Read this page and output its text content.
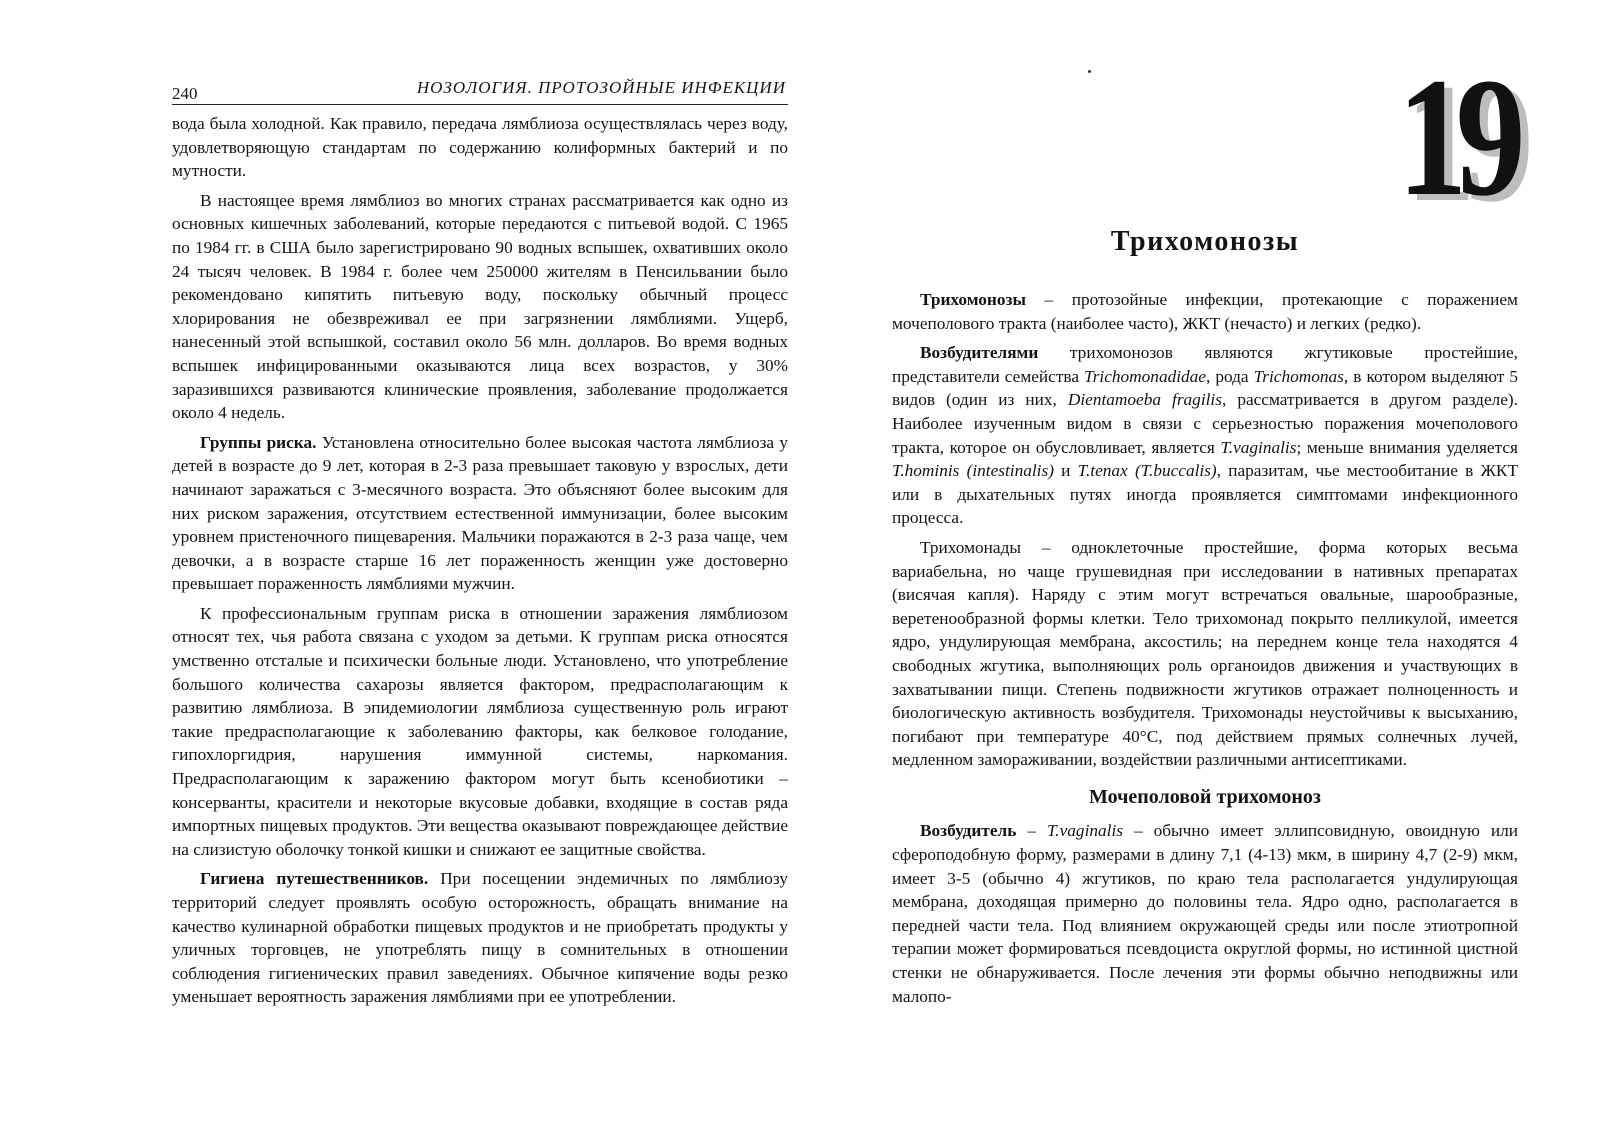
240	НОЗОЛОГИЯ. ПРОТОЗОЙНЫЕ ИНФЕКЦИИ

вода была холодной. Как правило, передача лямблиоза осуществлялась через воду, удовлетворяющую стандартам по содержанию колиформных бактерий и по мутности.

В настоящее время лямблиоз во многих странах рассматривается как одно из основных кишечных заболеваний, которые передаются с питьевой водой. С 1965 по 1984 гг. в США было зарегистрировано 90 водных вспышек, охвативших около 24 тысяч человек. В 1984 г. более чем 250000 жителям в Пенсильвании было рекомендовано кипятить питьевую воду, поскольку обычный процесс хлорирования не обезвреживал ее при загрязнении лямблиями. Ущерб, нанесенный этой вспышкой, составил около 56 млн. долларов. Во время водных вспышек инфицированными оказываются лица всех возрастов, у 30% заразившихся развиваются клинические проявления, заболевание продолжается около 4 недель.

Группы риска. Установлена относительно более высокая частота лямблиоза у детей в возрасте до 9 лет, которая в 2-3 раза превышает таковую у взрослых, дети начинают заражаться с 3-месячного возраста. Это объясняют более высоким для них риском заражения, отсутствием естественной иммунизации, более высоким уровнем пристеночного пищеварения. Мальчики поражаются в 2-3 раза чаще, чем девочки, а в возрасте старше 16 лет пораженность женщин уже достоверно превышает пораженность лямблиями мужчин.

К профессиональным группам риска в отношении заражения лямблиозом относят тех, чья работа связана с уходом за детьми. К группам риска относятся умственно отсталые и психически больные люди. Установлено, что употребление большого количества сахарозы является фактором, предрасполагающим к развитию лямблиоза. В эпидемиологии лямблиоза существенную роль играют такие предрасполагающие к заболеванию факторы, как белковое голодание, гипохлоргидрия, нарушения иммунной системы, наркомания. Предрасполагающим к заражению фактором могут быть ксенобиотики – консерванты, красители и некоторые вкусовые добавки, входящие в состав ряда импортных пищевых продуктов. Эти вещества оказывают повреждающее действие на слизистую оболочку тонкой кишки и снижают ее защитные свойства.

Гигиена путешественников. При посещении эндемичных по лямблиозу территорий следует проявлять особую осторожность, обращать внимание на качество кулинарной обработки пищевых продуктов и не приобретать продукты у уличных торговцев, не употреблять пищу в сомнительных в отношении соблюдения гигиенических правил заведениях. Обычное кипячение воды резко уменьшает вероятность заражения лямблиями при ее употреблении.

19
Трихомонозы

Трихомонозы – протозойные инфекции, протекающие с поражением мочеполового тракта (наиболее часто), ЖКТ (нечасто) и легких (редко).

Возбудителями трихомонозов являются жгутиковые простейшие, представители семейства Trichomonadidae, рода Trichomonas, в котором выделяют 5 видов (один из них, Dientamoeba fragilis, рассматривается в другом разделе). Наиболее изученным видом в связи с серьезностью поражения мочеполового тракта, которое он обусловливает, является T.vaginalis; меньше внимания уделяется T.hominis (intestinalis) и T.tenax (T.buccalis), паразитам, чье местообитание в ЖКТ или в дыхательных путях иногда проявляется симптомами инфекционного процесса.

Трихомонады – одноклеточные простейшие, форма которых весьма вариабельна, но чаще грушевидная при исследовании в нативных препаратах (висячая капля). Наряду с этим могут встречаться овальные, шарообразные, веретенообразной формы клетки. Тело трихомонад покрыто пелликулой, имеется ядро, ундулирующая мембрана, аксостиль; на переднем конце тела находятся 4 свободных жгутика, выполняющих роль органоидов движения и участвующих в захватывании пищи. Степень подвижности жгутиков отражает полноценность и биологическую активность возбудителя. Трихомонады неустойчивы к высыханию, погибают при температуре 40°C, под действием прямых солнечных лучей, медленном замораживании, воздействии различными антисептиками.

Мочеполовой трихомоноз

Возбудитель – T.vaginalis – обычно имеет эллипсовидную, овоидную или сфероподобную форму, размерами в длину 7,1 (4-13) мкм, в ширину 4,7 (2-9) мкм, имеет 3-5 (обычно 4) жгутиков, по краю тела располагается ундулирующая мембрана, доходящая примерно до половины тела. Ядро одно, располагается в передней части тела. Под влиянием окружающей среды или после этиотропной терапии может формироваться псевдоциста округлой формы, но истинной цистной стенки не обнаруживается. После лечения эти формы обычно неподвижны или малопо-
